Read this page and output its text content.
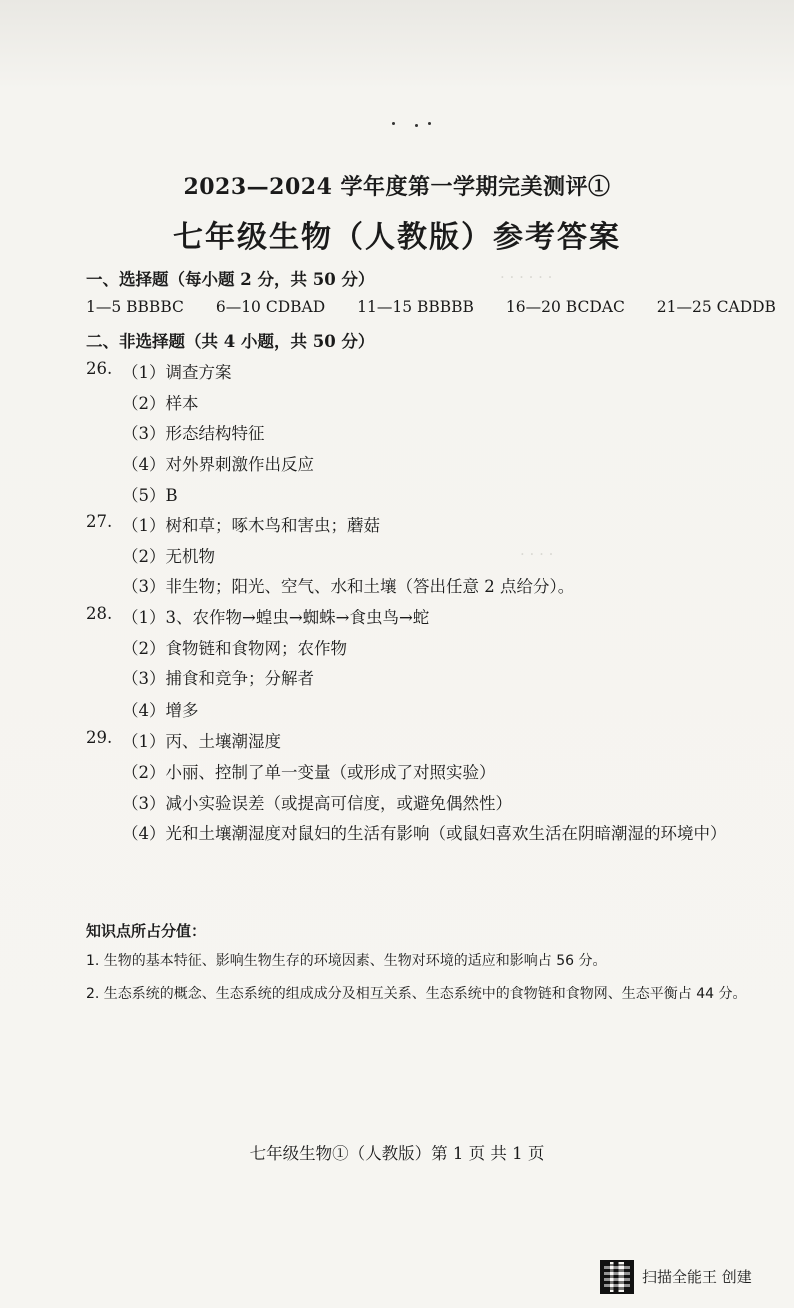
· · · · · ·
· · · ·
2023—2024 学年度第一学期完美测评①
七年级生物（人教版）参考答案
一、选择题（每小题 2 分，共 50 分）
1—5 BBBBC 6—10 CDBAD 11—15 BBBBB 16—20 BCDAC 21—25 CADDB
二、非选择题（共 4 小题，共 50 分）
26. （1）调查方案
（2）样本
（3）形态结构特征
（4）对外界刺激作出反应
（5）B
27. （1）树和草；啄木鸟和害虫；蘑菇
（2）无机物
（3）非生物；阳光、空气、水和土壤（答出任意 2 点给分）。
28. （1）3、农作物→蝗虫→蜘蛛→食虫鸟→蛇
（2）食物链和食物网；农作物
（3）捕食和竞争；分解者
（4）增多
29. （1）丙、土壤潮湿度
（2）小丽、控制了单一变量（或形成了对照实验）
（3）减小实验误差（或提高可信度，或避免偶然性）
（4）光和土壤潮湿度对鼠妇的生活有影响（或鼠妇喜欢生活在阴暗潮湿的环境中）
知识点所占分值：
1. 生物的基本特征、影响生物生存的环境因素、生物对环境的适应和影响占 56 分。
2. 生态系统的概念、生态系统的组成成分及相互关系、生态系统中的食物链和食物网、生态平衡占 44 分。
七年级生物①（人教版）第 1 页 共 1 页
扫描全能王 创建
